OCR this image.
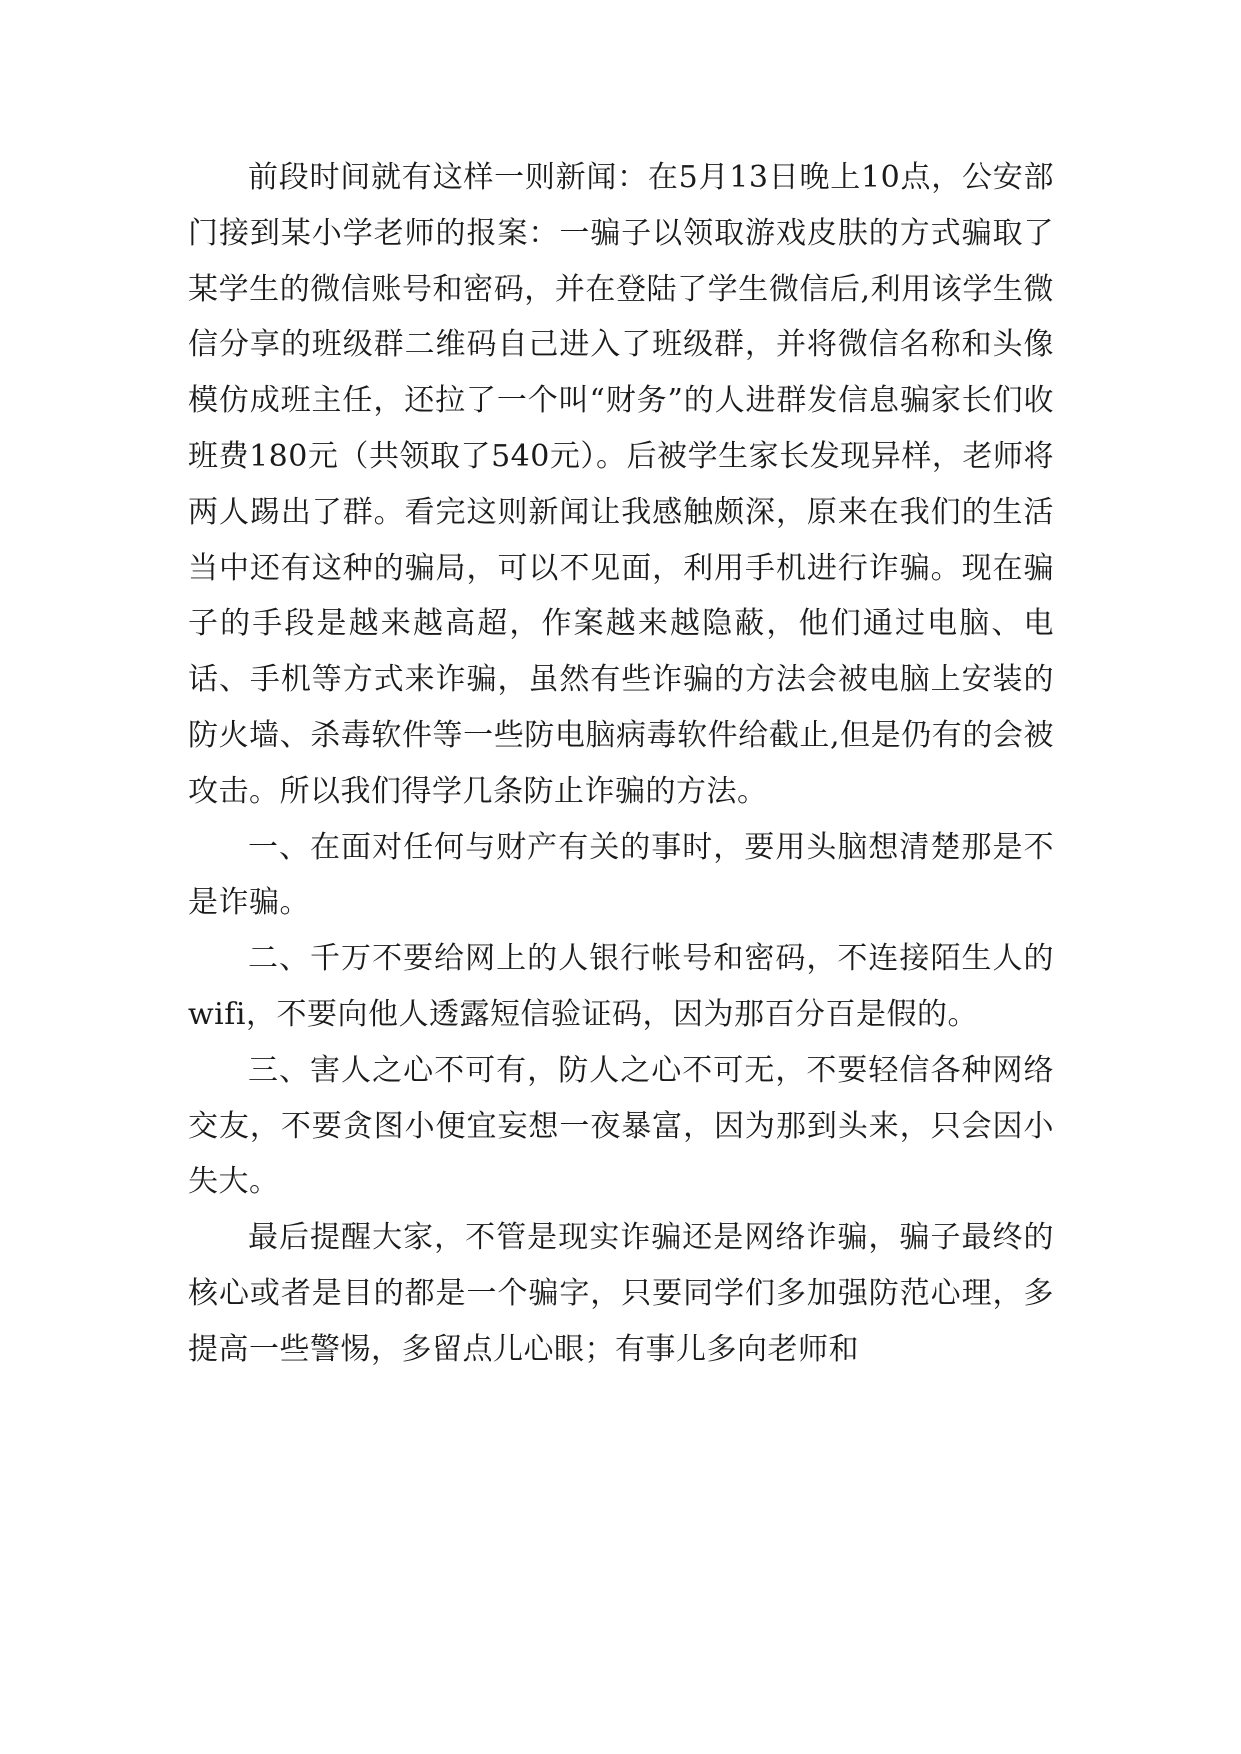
前段时间就有这样一则新闻：在5月13日晚上10点，公安部门接到某小学老师的报案：一骗子以领取游戏皮肤的方式骗取了某学生的微信账号和密码，并在登陆了学生微信后,利用该学生微信分享的班级群二维码自己进入了班级群，并将微信名称和头像模仿成班主任，还拉了一个叫“财务”的人进群发信息骗家长们收班费180元（共领取了540元）。后被学生家长发现异样，老师将两人踢出了群。看完这则新闻让我感触颇深，原来在我们的生活当中还有这种的骗局，可以不见面，利用手机进行诈骗。现在骗子的手段是越来越高超，作案越来越隐蔽，他们通过电脑、电话、手机等方式来诈骗，虽然有些诈骗的方法会被电脑上安装的防火墙、杀毒软件等一些防电脑病毒软件给截止,但是仍有的会被攻击。所以我们得学几条防止诈骗的方法。

一、在面对任何与财产有关的事时，要用头脑想清楚那是不是诈骗。

二、千万不要给网上的人银行帐号和密码，不连接陌生人的wifi，不要向他人透露短信验证码，因为那百分百是假的。

三、害人之心不可有，防人之心不可无，不要轻信各种网络交友，不要贪图小便宜妄想一夜暴富，因为那到头来，只会因小失大。

最后提醒大家，不管是现实诈骗还是网络诈骗，骗子最终的核心或者是目的都是一个骗字，只要同学们多加强防范心理，多提高一些警惕，多留点儿心眼；有事儿多向老师和
